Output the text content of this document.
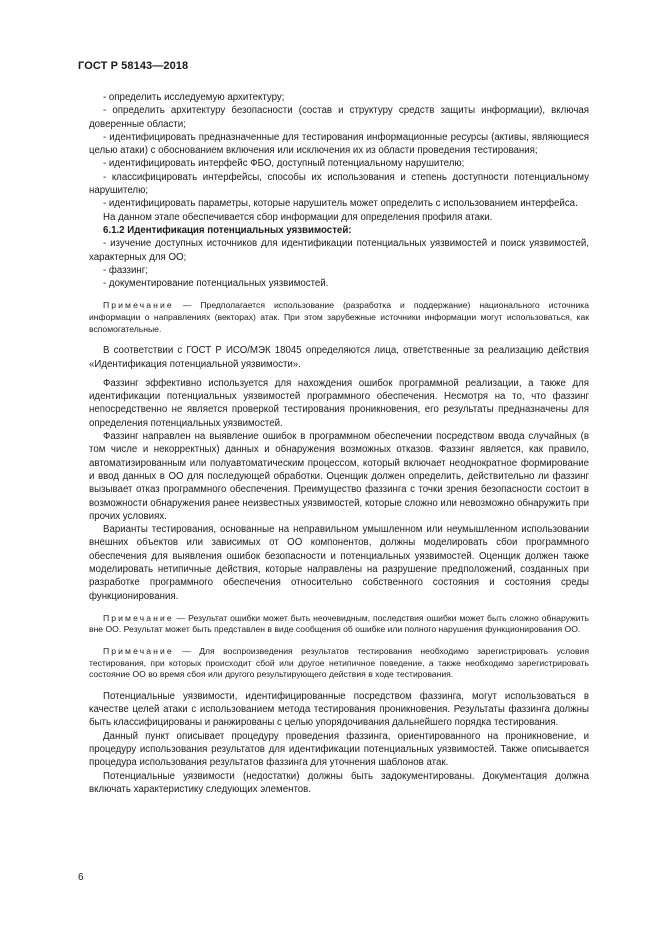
ГОСТ Р 58143—2018

- определить исследуемую архитектуру;

- определить архитектуру безопасности (состав и структуру средств защиты информации), включая доверенные области;

- идентифицировать предназначенные для тестирования информационные ресурсы (активы, являющиеся целью атаки) с обоснованием включения или исключения их из области проведения тестирования;

- идентифицировать интерфейс ФБО, доступный потенциальному нарушителю;

- классифицировать интерфейсы, способы их использования и степень доступности потенциальному нарушителю;

- идентифицировать параметры, которые нарушитель может определить с использованием интерфейса.

На данном этапе обеспечивается сбор информации для определения профиля атаки.

6.1.2 Идентификация потенциальных уязвимостей:

- изучение доступных источников для идентификации потенциальных уязвимостей и поиск уязвимостей, характерных для ОО;

- фаззинг;

- документирование потенциальных уязвимостей.

Примечание — Предполагается использование (разработка и поддержание) национального источника информации о направлениях (векторах) атак. При этом зарубежные источники информации могут использоваться, как вспомогательные.

В соответствии с ГОСТ Р ИСО/МЭК 18045 определяются лица, ответственные за реализацию действия «Идентификация потенциальной уязвимости».

Фаззинг эффективно используется для нахождения ошибок программной реализации, а также для идентификации потенциальных уязвимостей программного обеспечения. Несмотря на то, что фаззинг непосредственно не является проверкой тестирования проникновения, его результаты предназначены для определения потенциальных уязвимостей.

Фаззинг направлен на выявление ошибок в программном обеспечении посредством ввода случайных (в том числе и некорректных) данных и обнаружения возможных отказов. Фаззинг является, как правило, автоматизированным или полуавтоматическим процессом, который включает неоднократное формирование и ввод данных в ОО для последующей обработки. Оценщик должен определить, действительно ли фаззинг вызывает отказ программного обеспечения. Преимущество фаззинга с точки зрения безопасности состоит в возможности обнаружения ранее неизвестных уязвимостей, которые сложно или невозможно обнаружить при прочих условиях.

Варианты тестирования, основанные на неправильном умышленном или неумышленном использовании внешних объектов или зависимых от ОО компонентов, должны моделировать сбои программного обеспечения для выявления ошибок безопасности и потенциальных уязвимостей. Оценщик должен также моделировать нетипичные действия, которые направлены на разрушение предположений, созданных при разработке программного обеспечения относительно собственного состояния и состояния среды функционирования.

Примечание — Результат ошибки может быть неочевидным, последствия ошибки может быть сложно обнаружить вне ОО. Результат может быть представлен в виде сообщения об ошибке или полного нарушения функционирования ОО.

Примечание — Для воспроизведения результатов тестирования необходимо зарегистрировать условия тестирования, при которых происходит сбой или другое нетипичное поведение, а также необходимо зарегистрировать состояние ОО во время сбоя или другого результирующего действия в ходе тестирования.

Потенциальные уязвимости, идентифицированные посредством фаззинга, могут использоваться в качестве целей атаки с использованием метода тестирования проникновения. Результаты фаззинга должны быть классифицированы и ранжированы с целью упорядочивания дальнейшего порядка тестирования.

Данный пункт описывает процедуру проведения фаззинга, ориентированного на проникновение, и процедуру использования результатов для идентификации потенциальных уязвимостей. Также описывается процедура использования результатов фаззинга для уточнения шаблонов атак.

Потенциальные уязвимости (недостатки) должны быть задокументированы. Документация должна включать характеристику следующих элементов.

6
